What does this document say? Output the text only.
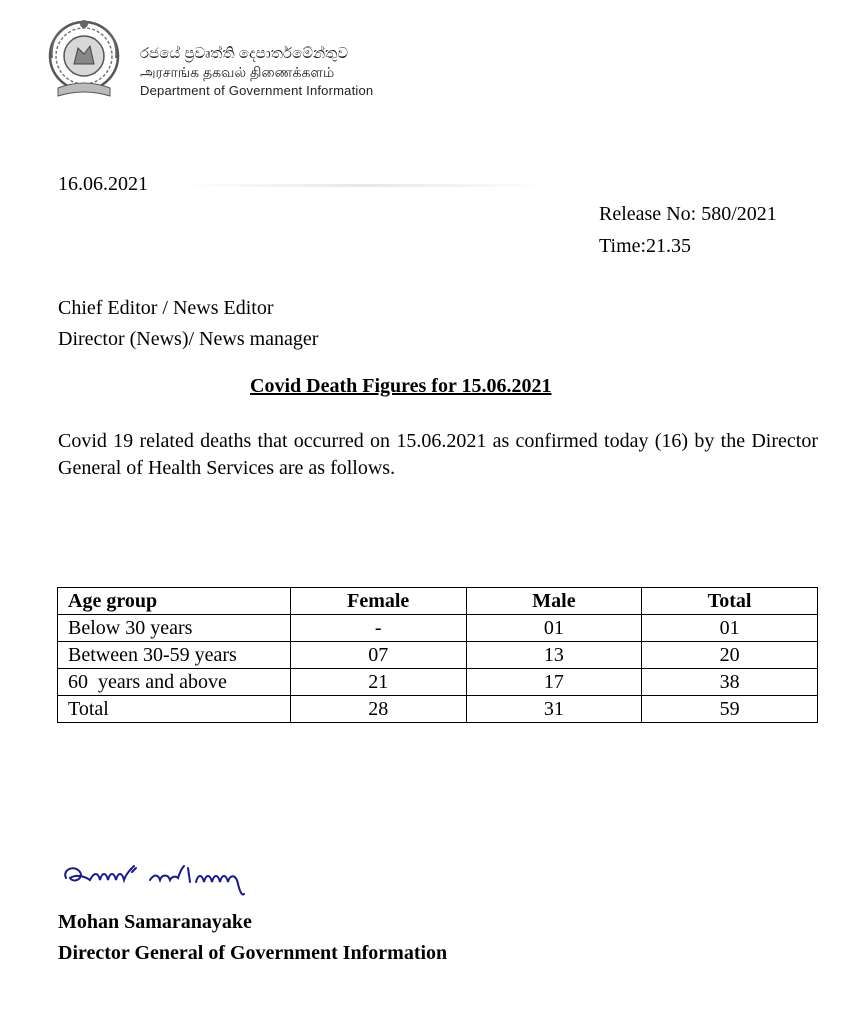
රජයේ ප්‍රවෘත්ති දෙපාර්තමේන්තුව
அரசாங்க தகவல் திணைக்களம்
Department of Government Information
16.06.2021
Release No: 580/2021
Time:21.35
Chief Editor / News Editor
Director (News)/ News manager
Covid Death Figures for 15.06.2021
Covid 19 related deaths that occurred on 15.06.2021 as confirmed today (16) by the Director General of Health Services are as follows.
Age group	Female	Male	Total
Below 30 years	-	01	01
Between 30-59 years	07	13	20
60  years and above	21	17	38
Total	28	31	59
Mohan Samaranayake
Director General of Government Information
